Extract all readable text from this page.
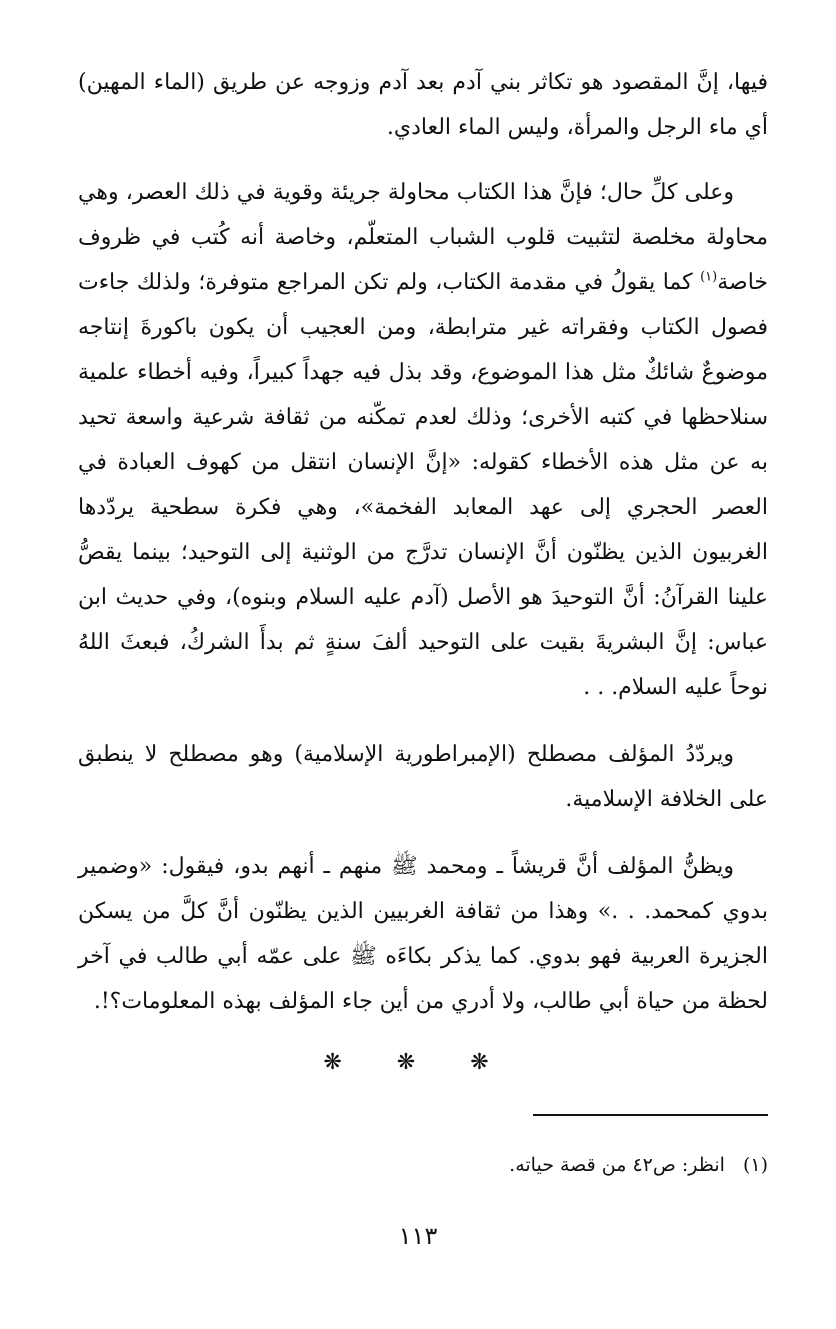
فيها، إنَّ المقصود هو تكاثر بني آدم بعد آدم وزوجه عن طريق (الماء المهين) أي ماء الرجل والمرأة، وليس الماء العادي.

وعلى كلِّ حال؛ فإنَّ هذا الكتاب محاولة جريئة وقوية في ذلك العصر، وهي محاولة مخلصة لتثبيت قلوب الشباب المتعلّم، وخاصة أنه كُتب في ظروف خاصة$^{(١)}$ كما يقولُ في مقدمة الكتاب، ولم تكن المراجع متوفرة؛ ولذلك جاءت فصول الكتاب وفقراته غير مترابطة، ومن العجيب أن يكون باكورةَ إنتاجه موضوعٌ شائكٌ مثل هذا الموضوع، وقد بذل فيه جهداً كبيراً، وفيه أخطاء علمية سنلاحظها في كتبه الأخرى؛ وذلك لعدم تمكّنه من ثقافة شرعية واسعة تحيد به عن مثل هذه الأخطاء كقوله: «إنَّ الإنسان انتقل من كهوف العبادة في العصر الحجري إلى عهد المعابد الفخمة»، وهي فكرة سطحية يردّدها الغربيون الذين يظنّون أنَّ الإنسان تدرَّج من الوثنية إلى التوحيد؛ بينما يقصُّ علينا القرآنُ: أنَّ التوحيدَ هو الأصل (آدم عليه السلام وبنوه)، وفي حديث ابن عباس: إنَّ البشريةَ بقيت على التوحيد ألفَ سنةٍ ثم بدأَ الشركُ، فبعثَ اللهُ نوحاً عليه السلام. . .

ويردّدُ المؤلف مصطلح (الإمبراطورية الإسلامية) وهو مصطلح لا ينطبق على الخلافة الإسلامية.

ويظنُّ المؤلف أنَّ قريشاً ـ ومحمد ﷺ منهم ـ أنهم بدو، فيقول: «وضمير بدوي كمحمد. . .» وهذا من ثقافة الغربيين الذين يظنّون أنَّ كلَّ من يسكن الجزيرة العربية فهو بدوي. كما يذكر بكاءَه ﷺ على عمّه أبي طالب في آخر لحظة من حياة أبي طالب، ولا أدري من أين جاء المؤلف بهذه المعلومات؟!.

❋ ❋ ❋
(١)انظر: ص٤٢ من قصة حياته.
١١٣
